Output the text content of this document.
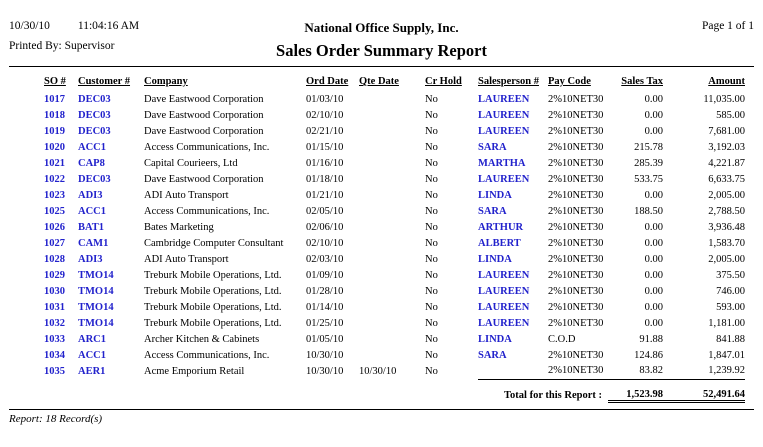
10/30/10 11:04:16 AM
Printed By: Supervisor
National Office Supply, Inc.
Sales Order Summary Report
Page 1 of 1
SO #	Customer #	Company	Ord Date	Qte Date	Cr Hold	Salesperson #	Pay Code	Sales Tax	Amount
1017	DEC03	Dave Eastwood Corporation	01/03/10		No	LAUREEN	2%10NET30	0.00	11,035.00
1018	DEC03	Dave Eastwood Corporation	02/10/10		No	LAUREEN	2%10NET30	0.00	585.00
1019	DEC03	Dave Eastwood Corporation	02/21/10		No	LAUREEN	2%10NET30	0.00	7,681.00
1020	ACC1	Access Communications, Inc.	01/15/10		No	SARA	2%10NET30	215.78	3,192.03
1021	CAP8	Capital Courieers, Ltd	01/16/10		No	MARTHA	2%10NET30	285.39	4,221.87
1022	DEC03	Dave Eastwood Corporation	01/18/10		No	LAUREEN	2%10NET30	533.75	6,633.75
1023	ADI3	ADI Auto Transport	01/21/10		No	LINDA	2%10NET30	0.00	2,005.00
1025	ACC1	Access Communications, Inc.	02/05/10		No	SARA	2%10NET30	188.50	2,788.50
1026	BAT1	Bates Marketing	02/06/10		No	ARTHUR	2%10NET30	0.00	3,936.48
1027	CAM1	Cambridge Computer Consultant	02/10/10		No	ALBERT	2%10NET30	0.00	1,583.70
1028	ADI3	ADI Auto Transport	02/03/10		No	LINDA	2%10NET30	0.00	2,005.00
1029	TMO14	Treburk Mobile Operations, Ltd.	01/09/10		No	LAUREEN	2%10NET30	0.00	375.50
1030	TMO14	Treburk Mobile Operations, Ltd.	01/28/10		No	LAUREEN	2%10NET30	0.00	746.00
1031	TMO14	Treburk Mobile Operations, Ltd.	01/14/10		No	LAUREEN	2%10NET30	0.00	593.00
1032	TMO14	Treburk Mobile Operations, Ltd.	01/25/10		No	LAUREEN	2%10NET30	0.00	1,181.00
1033	ARC1	Archer Kitchen & Cabinets	01/05/10		No	LINDA	C.O.D	91.88	841.88
1034	ACC1	Access Communications, Inc.	10/30/10		No	SARA	2%10NET30	124.86	1,847.01
1035	AER1	Acme Emporium Retail	10/30/10	10/30/10	No		2%10NET30	83.82	1,239.92
						Total for this Report :		1,523.98	52,491.64
Report: 18 Record(s)
